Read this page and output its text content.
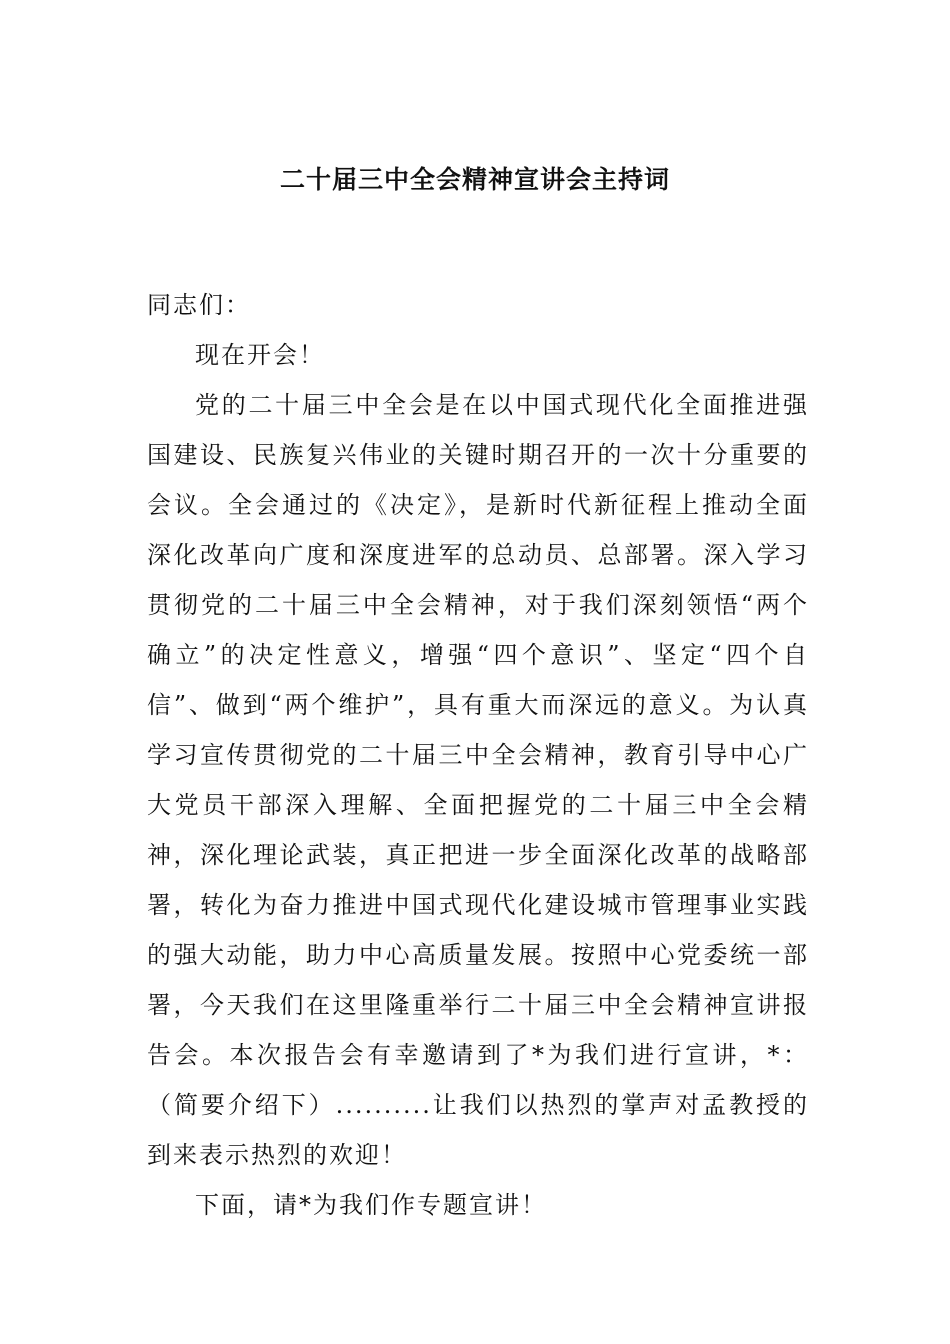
二十届三中全会精神宣讲会主持词

同志们：

现在开会！

党的二十届三中全会是在以中国式现代化全面推进强国建设、民族复兴伟业的关键时期召开的一次十分重要的会议。全会通过的《决定》，是新时代新征程上推动全面深化改革向广度和深度进军的总动员、总部署。深入学习贯彻党的二十届三中全会精神，对于我们深刻领悟“两个确立”的决定性意义，增强“四个意识”、坚定“四个自信”、做到“两个维护”，具有重大而深远的意义。为认真学习宣传贯彻党的二十届三中全会精神，教育引导中心广大党员干部深入理解、全面把握党的二十届三中全会精神，深化理论武装，真正把进一步全面深化改革的战略部署，转化为奋力推进中国式现代化建设城市管理事业实践的强大动能，助力中心高质量发展。按照中心党委统一部署，今天我们在这里隆重举行二十届三中全会精神宣讲报告会。本次报告会有幸邀请到了*为我们进行宣讲，*：（简要介绍下）..........让我们以热烈的掌声对孟教授的到来表示热烈的欢迎！

下面，请*为我们作专题宣讲！
